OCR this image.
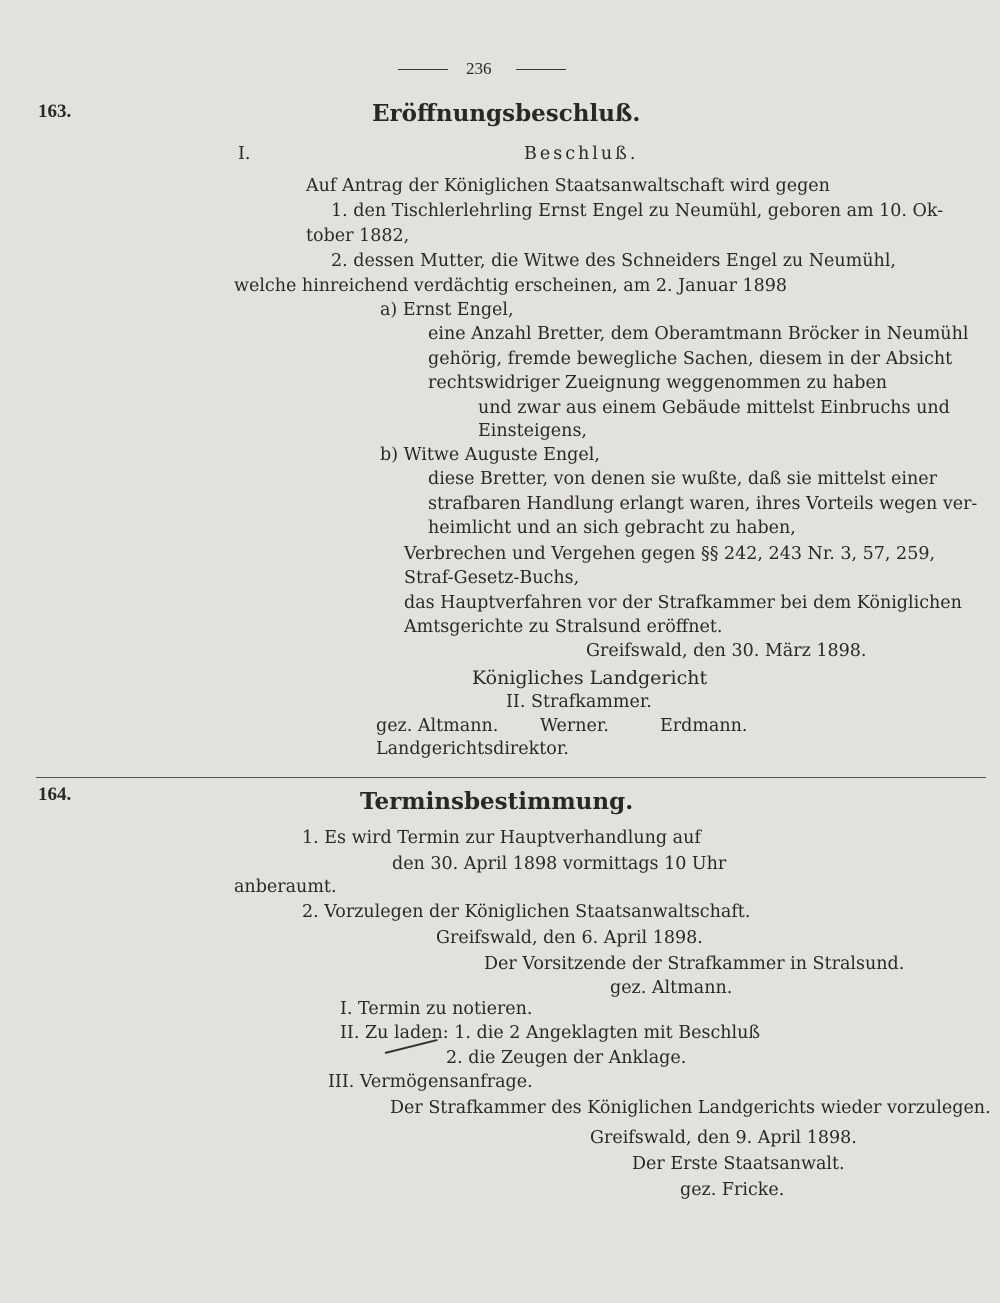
236
163.	Eröffnungsbeschluß.
I.	Beschluß.
Auf Antrag der Königlichen Staatsanwaltschaft wird gegen
1. den Tischlerlehrling Ernst Engel zu Neumühl, geboren am 10. Ok-
tober 1882,
2. dessen Mutter, die Witwe des Schneiders Engel zu Neumühl,
welche hinreichend verdächtig erscheinen, am 2. Januar 1898
a) Ernst Engel,
eine Anzahl Bretter, dem Oberamtmann Bröcker in Neumühl
gehörig, fremde bewegliche Sachen, diesem in der Absicht
rechtswidriger Zueignung weggenommen zu haben
und zwar aus einem Gebäude mittelst Einbruchs und
Einsteigens,
b) Witwe Auguste Engel,
diese Bretter, von denen sie wußte, daß sie mittelst einer
strafbaren Handlung erlangt waren, ihres Vorteils wegen ver-
heimlicht und an sich gebracht zu haben,
Verbrechen und Vergehen gegen §§ 242, 243 Nr. 3, 57, 259,
Straf-Gesetz-Buchs,
das Hauptverfahren vor der Strafkammer bei dem Königlichen
Amtsgerichte zu Stralsund eröffnet.
Greifswald, den 30. März 1898.
Königliches Landgericht
II. Strafkammer.
gez. Altmann. Werner.	Erdmann.
Landgerichtsdirektor.
164.	Terminsbestimmung.
1. Es wird Termin zur Hauptverhandlung auf
den 30. April 1898 vormittags 10 Uhr
anberaumt.
2. Vorzulegen der Königlichen Staatsanwaltschaft.
Greifswald, den 6. April 1898.
Der Vorsitzende der Strafkammer in Stralsund.
gez. Altmann.
I. Termin zu notieren.
II. Zu laden: 1. die 2 Angeklagten mit Beschluß
2. die Zeugen der Anklage.
III. Vermögensanfrage.
Der Strafkammer des Königlichen Landgerichts wieder vorzulegen.
Greifswald, den 9. April 1898.
Der Erste Staatsanwalt.
gez. Fricke.
